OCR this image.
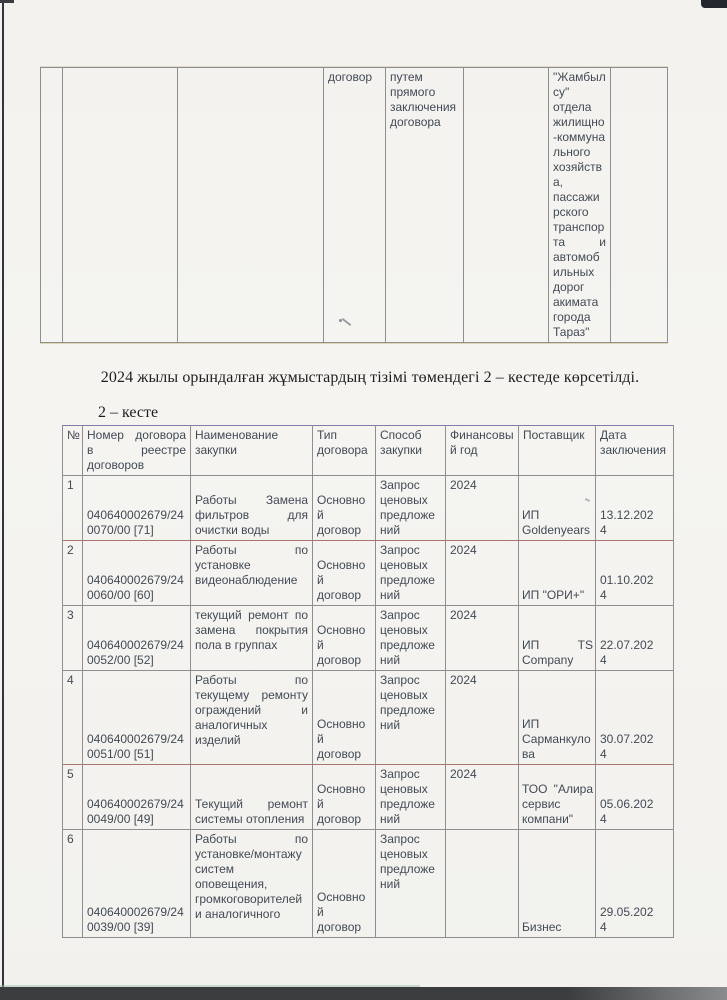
			договор	путем прямого заключения договора		"Жамбыл су" отдела жилищно-коммунального хозяйства, пассажирского транспорта и автомобильных дорог акимата города Тараз"	
2024 жылы орындалған жұмыстардың тізімі төмендегі 2 – кестеде көрсетілді.
2 – кесте
№	Номер договора в реестре договоров	Наименование закупки	Тип договора	Способ закупки	Финансовый год	Поставщик	Дата заключения
1	040640002679/240070/00 [71]	Работы Замена фильтров для очистки воды	Основной договор	Запрос ценовых предложений	2024	ИП Goldenyears	13.12.2024
2	040640002679/240060/00 [60]	Работы по установке видеонаблюдение	Основной договор	Запрос ценовых предложений	2024	ИП "ОРИ+"	01.10.2024
3	040640002679/240052/00 [52]	текущий ремонт по замена покрытия пола в группах	Основной договор	Запрос ценовых предложений	2024	ИП TS Company	22.07.2024
4	040640002679/240051/00 [51]	Работы по текущему ремонту ограждений и аналогичных изделий	Основной договор	Запрос ценовых предложений	2024	ИП Сарманкулова	30.07.2024
5	040640002679/240049/00 [49]	Текущий ремонт системы отопления	Основной договор	Запрос ценовых предложений	2024	ТОО "Алира сервис компани"	05.06.2024
6	040640002679/240039/00 [39]	Работы по установке/монтажу систем оповещения, громкоговорителей и аналогичного	Основной договор	Запрос ценовых предложений		Бизнес	29.05.2024
